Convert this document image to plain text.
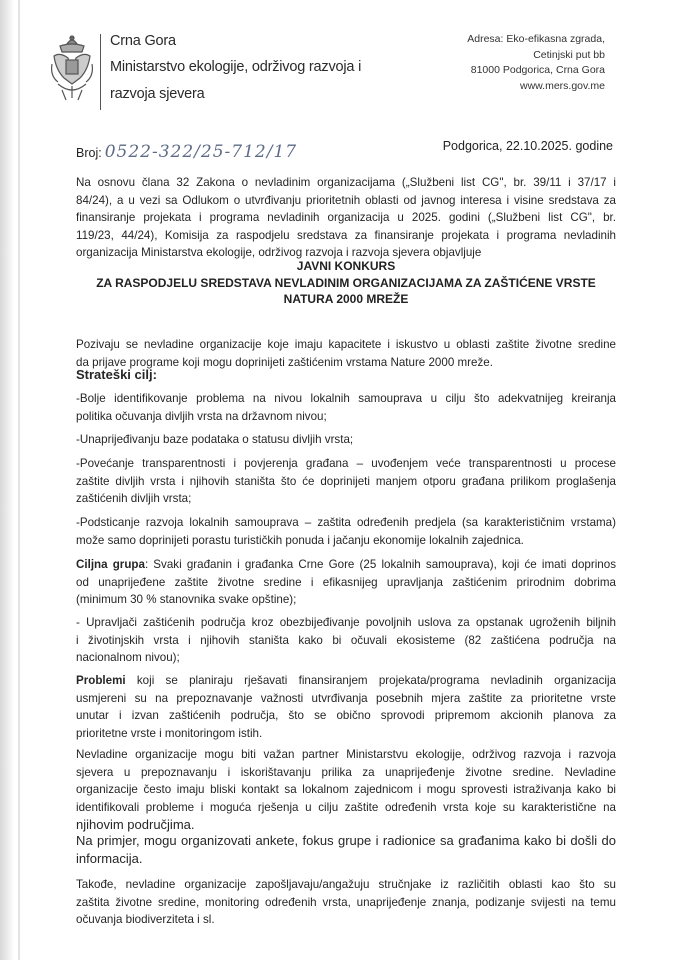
Crna Gora
Ministarstvo ekologije, održivog razvoja i
razvoja sjevera
Adresa: Eko-efikasna zgrada,
Cetinjski put bb
81000 Podgorica, Crna Gora
www.mers.gov.me
Broj: 0522-322/25-712/17	Podgorica, 22.10.2025. godine
Na osnovu člana 32 Zakona o nevladinim organizacijama („Službeni list CG", br. 39/11 i 37/17 i
84/24), a u vezi sa Odlukom o utvrđivanju prioritetnih oblasti od javnog interesa i visine sredstava za
finansiranje projekata i programa nevladinih organizacija u 2025. godini („Službeni list CG", br.
119/23, 44/24), Komisija za raspodjelu sredstava za finansiranje projekata i programa nevladinih
organizacija Ministarstva ekologije, održivog razvoja i razvoja sjevera objavljuje
JAVNI KONKURS
ZA RASPODJELU SREDSTAVA NEVLADINIM ORGANIZACIJAMA ZA ZAŠTIĆENE VRSTE
NATURA 2000 MREŽE
Pozivaju se nevladine organizacije koje imaju kapacitete i iskustvo u oblasti zaštite životne sredine
da prijave programe koji mogu doprinijeti zaštićenim vrstama Nature 2000 mreže.
Strateški cilj:
-Bolje identifikovanje problema na nivou lokalnih samouprava u cilju što adekvatnijeg kreiranja
politika očuvanja divljih vrsta na državnom nivou;
-Unaprijeđivanju baze podataka o statusu divljih vrsta;
-Povećanje transparentnosti i povjerenja građana – uvođenjem veće transparentnosti u procese
zaštite divljih vrsta i njihovih staništa što će doprinijeti manjem otporu građana prilikom proglašenja
zaštićenih divljih vrsta;
-Podsticanje razvoja lokalnih samouprava – zaštita određenih predjela (sa karakterističnim vrstama)
može samo doprinijeti porastu turističkih ponuda i jačanju ekonomije lokalnih zajednica.
Ciljna grupa: Svaki građanin i građanka Crne Gore (25 lokalnih samouprava), koji će imati doprinos
od unaprijeđene zaštite životne sredine i efikasnijeg upravljanja zaštićenim prirodnim dobrima
(minimum 30 % stanovnika svake opštine);
- Upravljači zaštićenih područja kroz obezbijeđivanje povoljnih uslova za opstanak ugroženih biljnih
i životinjskih vrsta i njihovih staništa kako bi očuvali ekosisteme (82 zaštićena područja na
nacionalnom nivou);
Problemi koji se planiraju rješavati finansiranjem projekata/programa nevladinih organizacija
usmjereni su na prepoznavanje važnosti utvrđivanja posebnih mjera zaštite za prioritetne vrste
unutar i izvan zaštićenih područja, što se obično sprovodi pripremom akcionih planova za
prioritetne vrste i monitoringom istih.
Nevladine organizacije mogu biti važan partner Ministarstvu ekologije, održivog razvoja i razvoja
sjevera u prepoznavanju i iskorištavanju prilika za unaprijeđenje životne sredine. Nevladine
organizacije često imaju bliski kontakt sa lokalnom zajednicom i mogu sprovesti istraživanja kako bi
identifikovali probleme i moguća rješenja u cilju zaštite određenih vrsta koje su karakteristične na
njihovim područjima.
Na primjer, mogu organizovati ankete, fokus grupe i radionice sa građanima kako bi došli do
informacija.
Takođe, nevladine organizacije zapošljavaju/angažuju stručnjake iz različitih oblasti kao što su
zaštita životne sredine, monitoring određenih vrsta, unaprijeđenje znanja, podizanje svijesti na temu
očuvanja biodiverziteta i sl.
